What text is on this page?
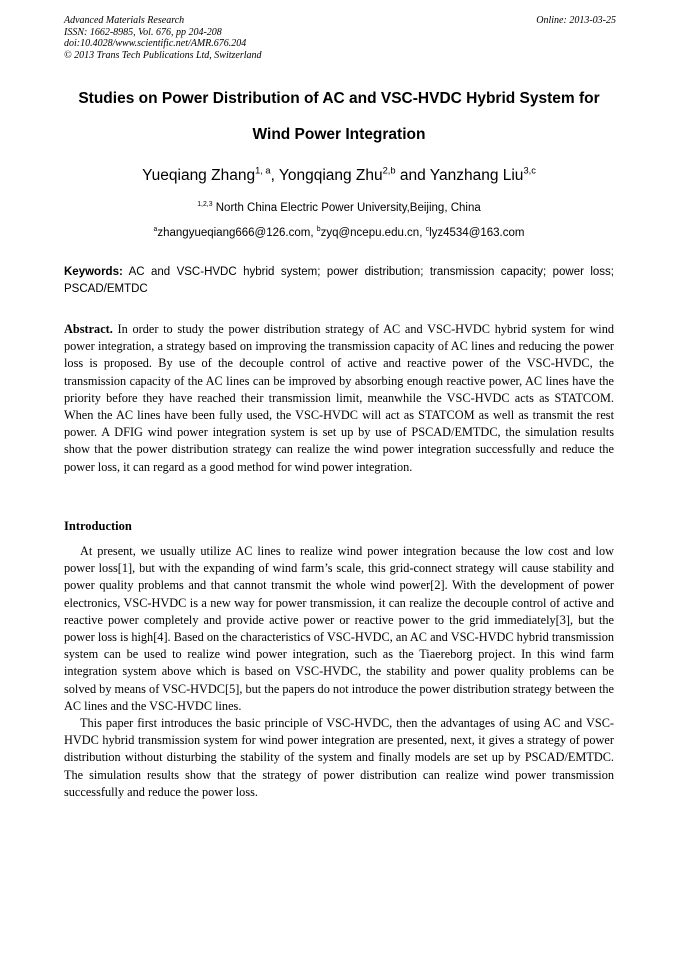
Advanced Materials Research
ISSN: 1662-8985, Vol. 676, pp 204-208
doi:10.4028/www.scientific.net/AMR.676.204
© 2013 Trans Tech Publications Ltd, Switzerland
Online: 2013-03-25
Studies on Power Distribution of AC and VSC-HVDC Hybrid System for
Wind Power Integration
Yueqiang Zhang$^{1, a}$, Yongqiang Zhu$^{2,b}$ and Yanzhang Liu$^{3,c}$
$^{1,2,3}$ North China Electric Power University,Beijing, China
$^a$zhangyueqiang666@126.com, $^b$zyq@ncepu.edu.cn, $^c$lyz4534@163.com
Keywords: AC and VSC-HVDC hybrid system; power distribution; transmission capacity; power loss; PSCAD/EMTDC
Abstract. In order to study the power distribution strategy of AC and VSC-HVDC hybrid system for wind power integration, a strategy based on improving the transmission capacity of AC lines and reducing the power loss is proposed. By use of the decouple control of active and reactive power of the VSC-HVDC, the transmission capacity of the AC lines can be improved by absorbing enough reactive power, AC lines have the priority before they have reached their transmission limit, meanwhile the VSC-HVDC acts as STATCOM. When the AC lines have been fully used, the VSC-HVDC will act as STATCOM as well as transmit the rest power. A DFIG wind power integration system is set up by use of PSCAD/EMTDC, the simulation results show that the power distribution strategy can realize the wind power integration successfully and reduce the power loss, it can regard as a good method for wind power integration.
Introduction

At present, we usually utilize AC lines to realize wind power integration because the low cost and low power loss[1], but with the expanding of wind farm’s scale, this grid-connect strategy will cause stability and power quality problems and that cannot transmit the whole wind power[2]. With the development of power electronics, VSC-HVDC is a new way for power transmission, it can realize the decouple control of active and reactive power completely and provide active power or reactive power to the grid immediately[3], but the power loss is high[4]. Based on the characteristics of VSC-HVDC, an AC and VSC-HVDC hybrid transmission system can be used to realize wind power integration, such as the Tiaereborg project. In this wind farm integration system above which is based on VSC-HVDC, the stability and power quality problems can be solved by means of VSC-HVDC[5], but the papers do not introduce the power distribution strategy between the AC lines and the VSC-HVDC lines.

This paper first introduces the basic principle of VSC-HVDC, then the advantages of using AC and VSC-HVDC hybrid transmission system for wind power integration are presented, next, it gives a strategy of power distribution without disturbing the stability of the system and finally models are set up by PSCAD/EMTDC. The simulation results show that the strategy of power distribution can realize wind power transmission successfully and reduce the power loss.
